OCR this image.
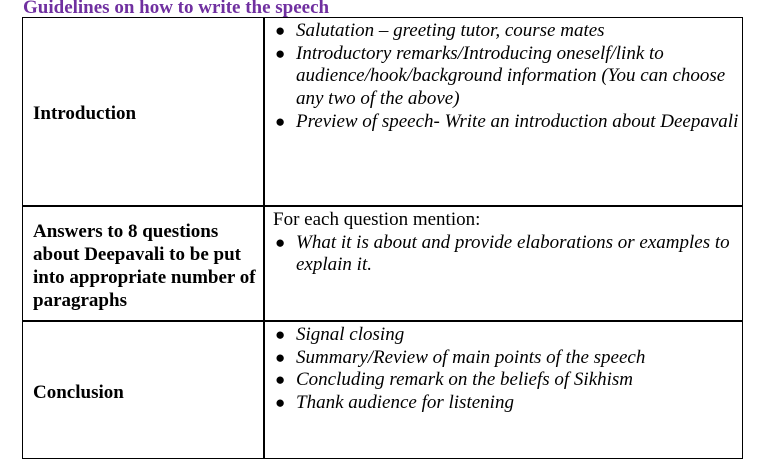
Guidelines on how to write the speech
Introduction
● Salutation – greeting tutor, course mates
● Introductory remarks/Introducing oneself/link to audience/hook/background information (You can choose any two of the above)
● Preview of speech- Write an introduction about Deepavali
Answers to 8 questions about Deepavali to be put into appropriate number of paragraphs
For each question mention:
● What it is about and provide elaborations or examples to explain it.
Conclusion
● Signal closing
● Summary/Review of main points of the speech
● Concluding remark on the beliefs of Sikhism
● Thank audience for listening
